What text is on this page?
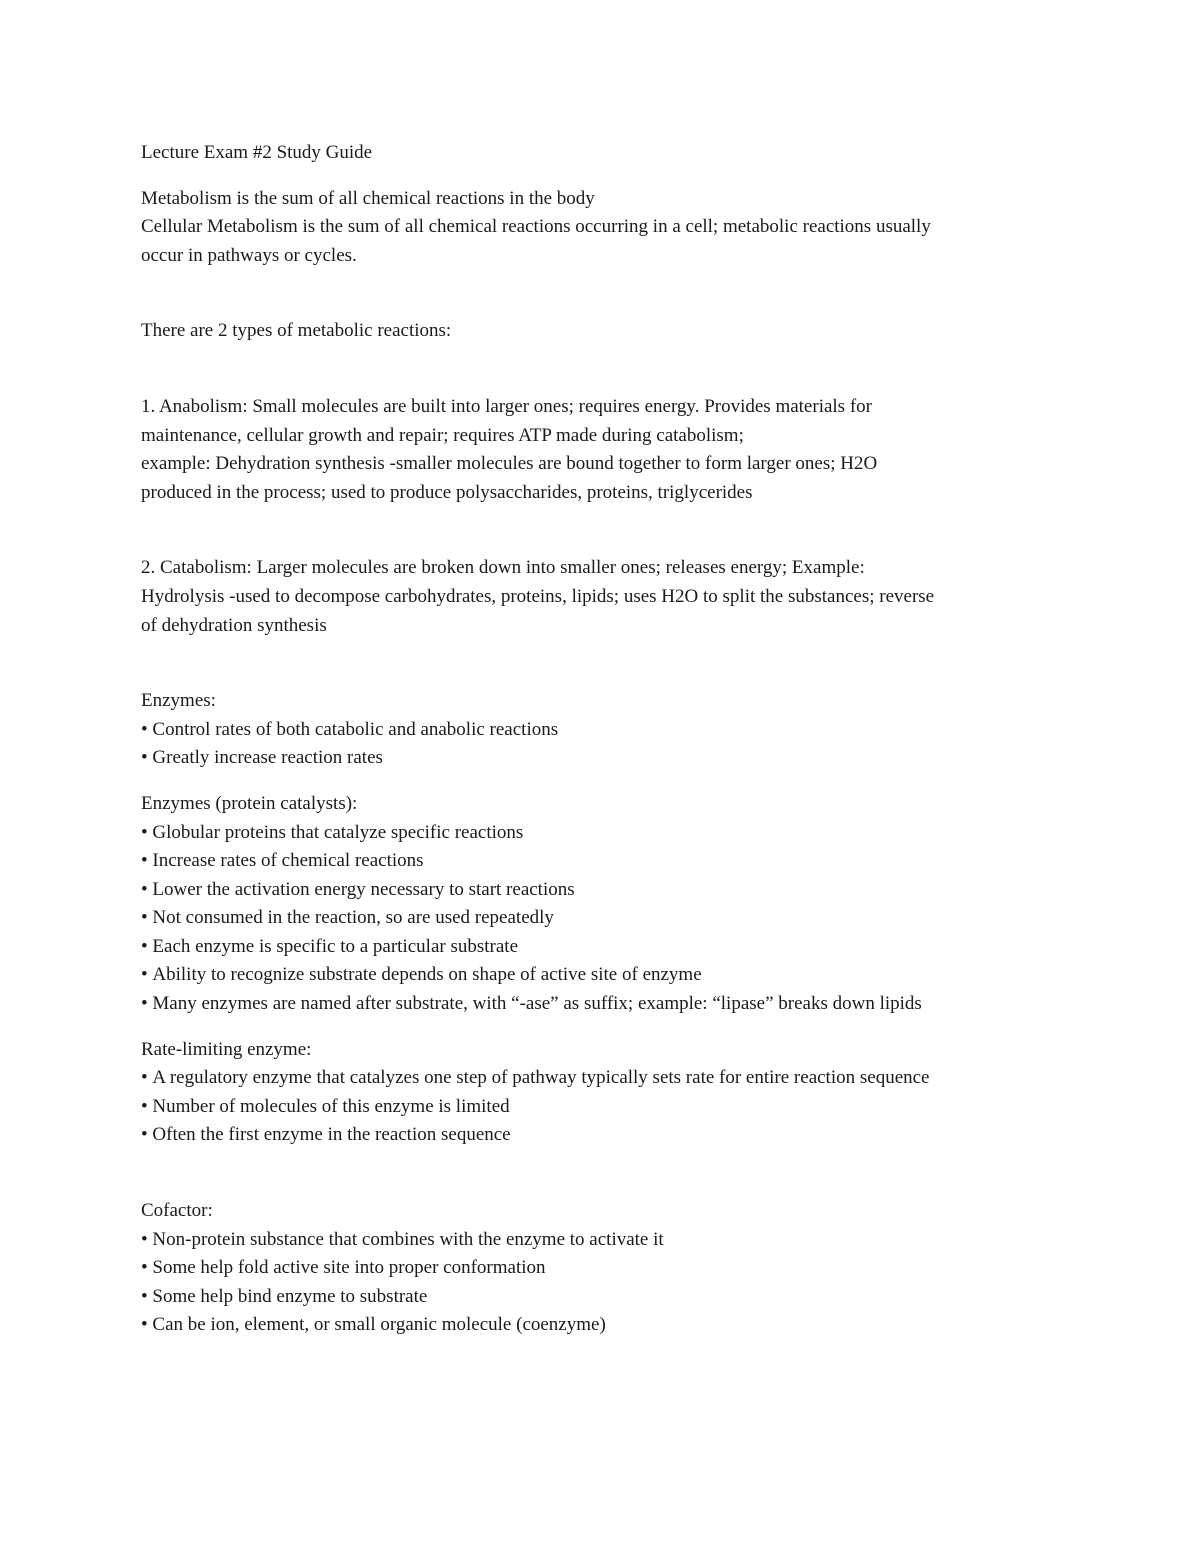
Lecture Exam #2 Study Guide

Metabolism is the sum of all chemical reactions in the body
Cellular Metabolism is the sum of all chemical reactions occurring in a cell; metabolic reactions usually
occur in pathways or cycles.

There are 2 types of metabolic reactions:

1. Anabolism: Small molecules are built into larger ones; requires energy. Provides materials for
maintenance, cellular growth and repair; requires ATP made during catabolism;
example: Dehydration synthesis -smaller molecules are bound together to form larger ones; H2O
produced in the process; used to produce polysaccharides, proteins, triglycerides
2. Catabolism: Larger molecules are broken down into smaller ones; releases energy; Example:
Hydrolysis -used to decompose carbohydrates, proteins, lipids; uses H2O to split the substances; reverse
of dehydration synthesis
Enzymes:
• Control rates of both catabolic and anabolic reactions
• Greatly increase reaction rates
Enzymes (protein catalysts):
• Globular proteins that catalyze specific reactions
• Increase rates of chemical reactions
• Lower the activation energy necessary to start reactions
• Not consumed in the reaction, so are used repeatedly
• Each enzyme is specific to a particular substrate
• Ability to recognize substrate depends on shape of active site of enzyme
• Many enzymes are named after substrate, with “-ase” as suffix; example: “lipase” breaks down lipids
Rate-limiting enzyme:
• A regulatory enzyme that catalyzes one step of pathway typically sets rate for entire reaction sequence
• Number of molecules of this enzyme is limited
• Often the first enzyme in the reaction sequence
Cofactor:
• Non-protein substance that combines with the enzyme to activate it
• Some help fold active site into proper conformation
• Some help bind enzyme to substrate
• Can be ion, element, or small organic molecule (coenzyme)
